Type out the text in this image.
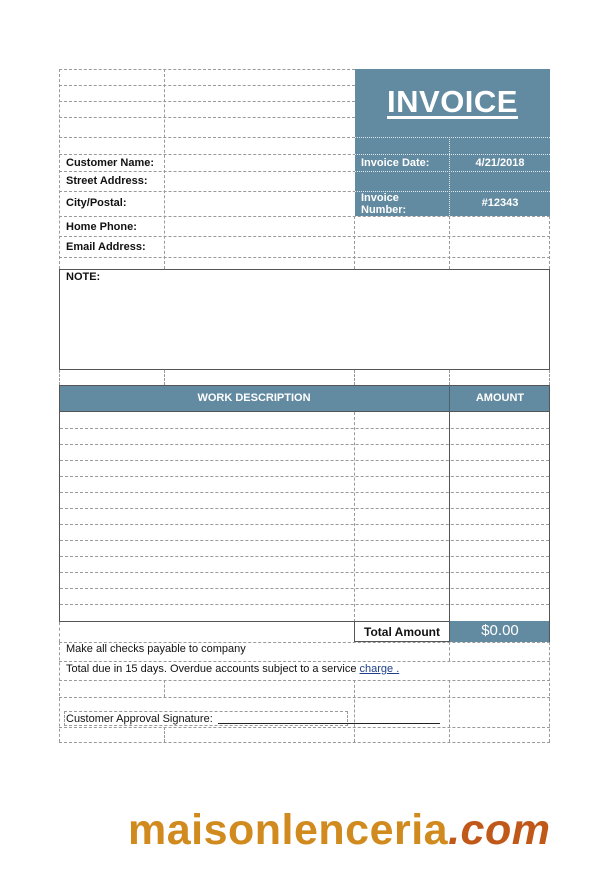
Customer Name:
Street Address:
City/Postal:
Home Phone:
Email Address:
INVOICE
Invoice Date:	4/21/2018
Invoice
Number:
#12343
NOTE:
WORK DESCRIPTION	AMOUNT
Total Amount	$0.00
Make all checks payable to company
Total due in 15 days. Overdue accounts subject to a service charge .
Customer Approval Signature:
maisonlenceria.com
